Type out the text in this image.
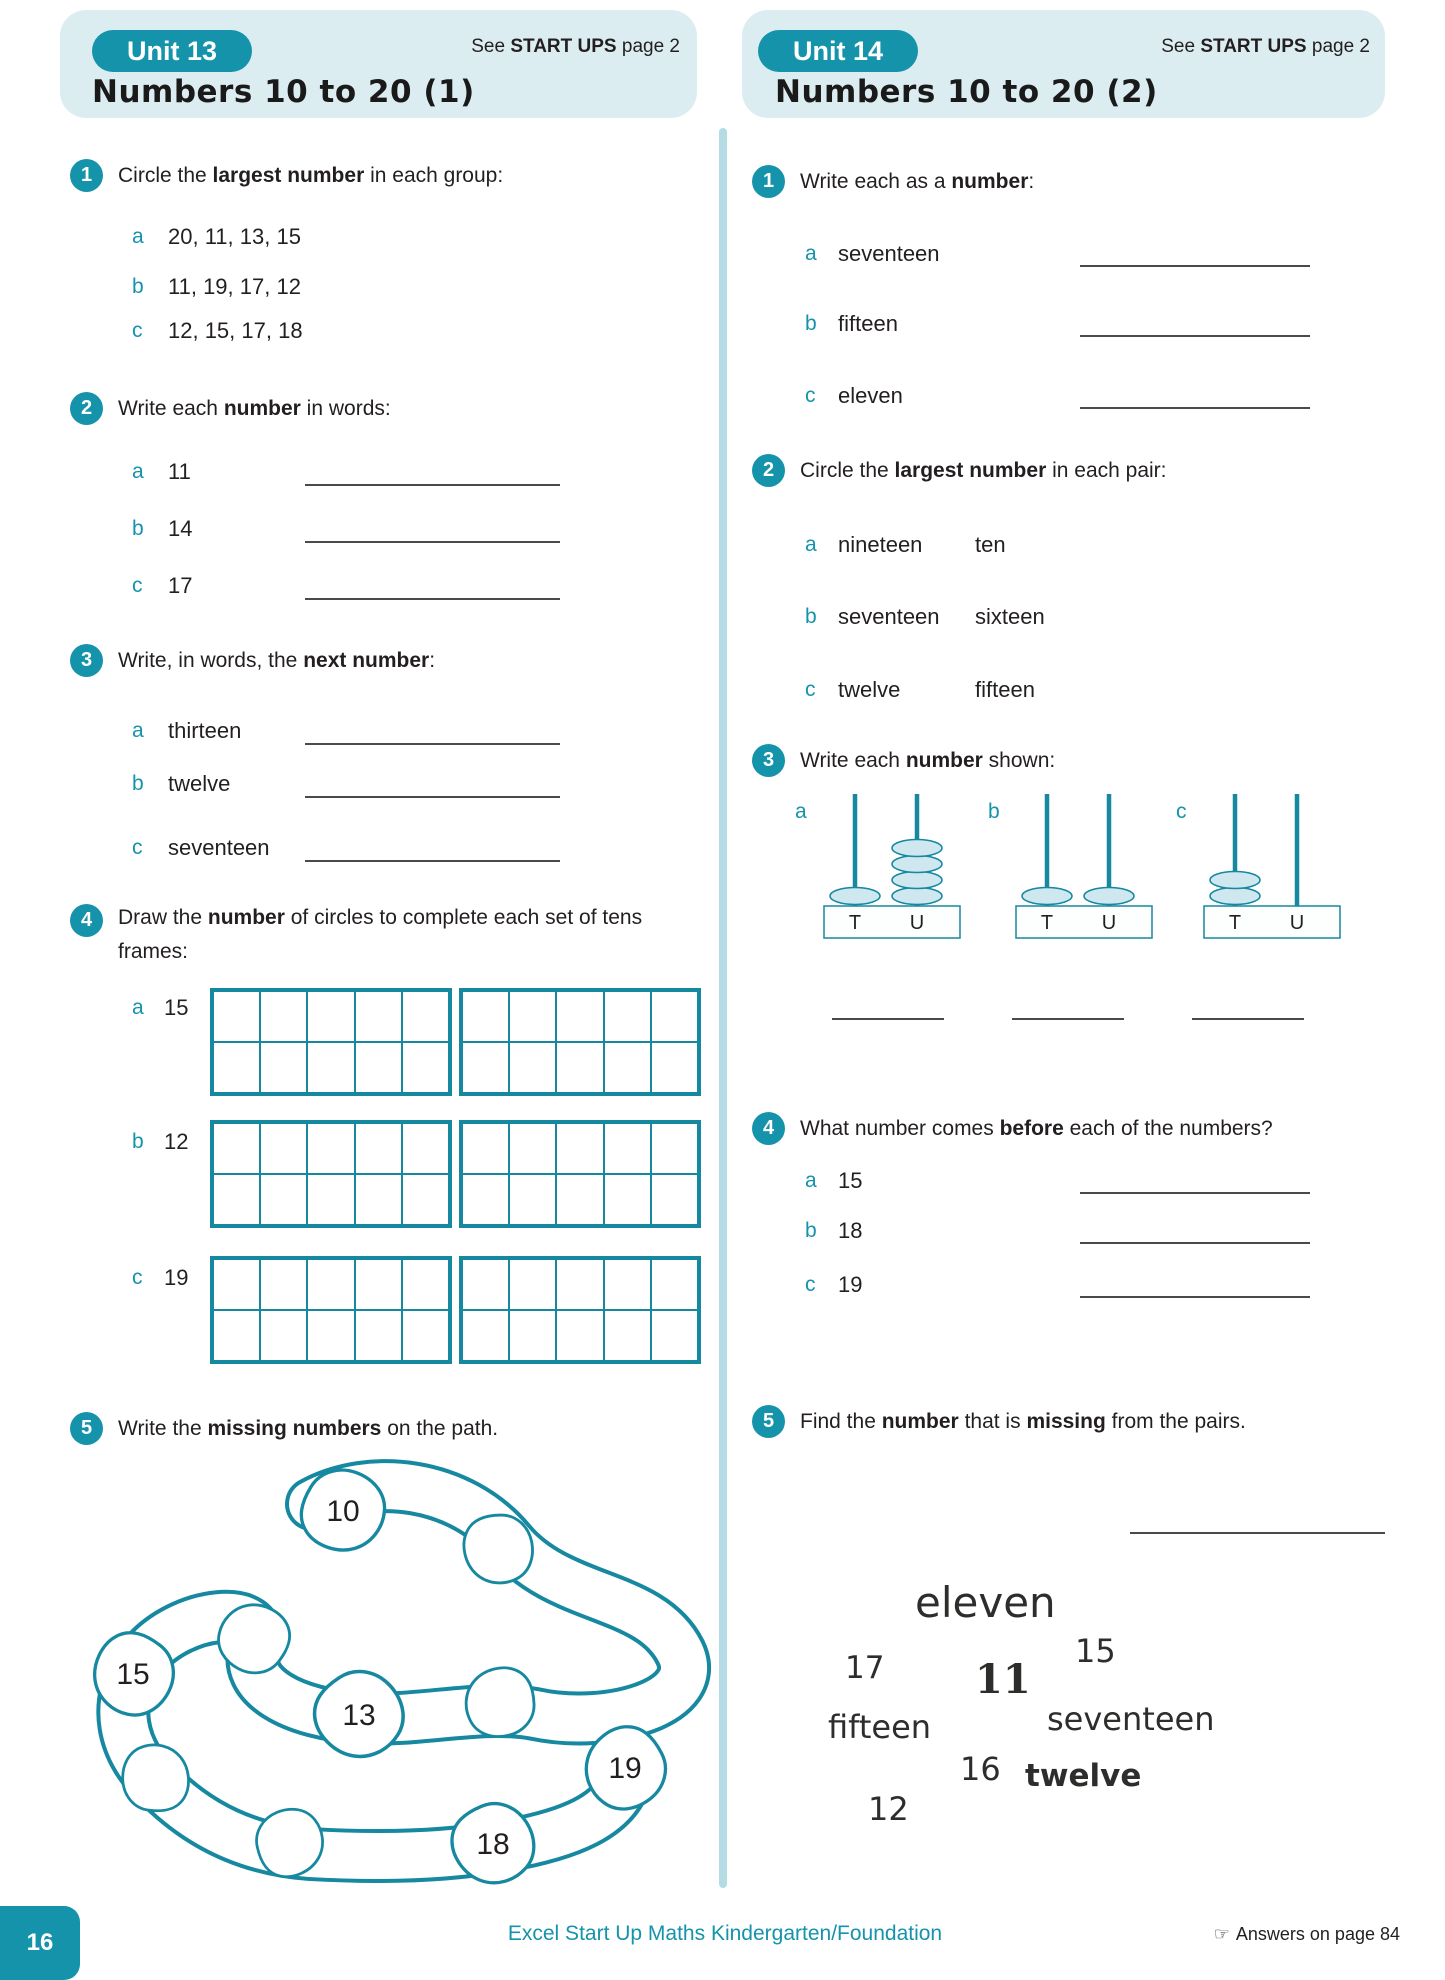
Unit 13	See START UPS page 2
Numbers 10 to 20 (1)
1	Circle the largest number in each group:
a 20, 11, 13, 15
b 11, 19, 17, 12
c 12, 15, 17, 18
2	Write each number in words:
a 11
b 14
c 17
3	Write, in words, the next number:
a thirteen
b twelve
c seventeen
4	Draw the number of circles to complete each set of tens frames:
a 15
b 12
c 19
5	Write the missing numbers on the path.
10
13
15
18
19
Unit 14	See START UPS page 2
Numbers 10 to 20 (2)
1	Write each as a number:
a seventeen
b fifteen
c eleven
2	Circle the largest number in each pair:
a nineteen ten
b seventeen sixteen
c twelve	fifteen
3	Write each number shown:
a
T U
b
T U
c
T U
4	What number comes before each of the numbers?
a 15
b 18
c 19
5	Find the number that is missing from the pairs.
eleven
17	15
11
fifteen	seventeen
16 twelve
12
16	Excel Start Up Maths Kindergarten/Foundation	☞ Answers on page 84
